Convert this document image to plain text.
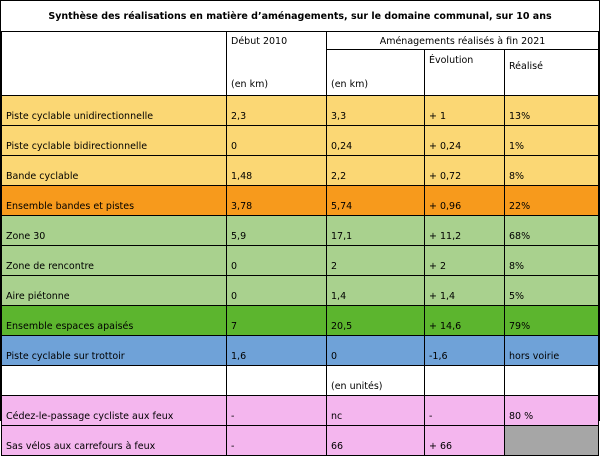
Synthèse des réalisations en matière d’aménagements, sur le domaine communal, sur 10 ans
	Début 2010	Aménagements réalisés à fin 2021		
	(en km)	(en km)	Évolution	Réalisé
Piste cyclable unidirectionnelle	2,3	3,3	+ 1	13%
Piste cyclable bidirectionnelle	0	0,24	+ 0,24	1%
Bande cyclable	1,48	2,2	+ 0,72	8%
Ensemble bandes et pistes	3,78	5,74	+ 0,96	22%
Zone 30	5,9	17,1	+ 11,2	68%
Zone de rencontre	0	2	+ 2	8%
Aire piétonne	0	1,4	+ 1,4	5%
Ensemble espaces apaisés	7	20,5	+ 14,6	79%
Piste cyclable sur trottoir	1,6	0	-1,6	hors voirie
		(en unités)		
Cédez-le-passage cycliste aux feux	-	nc	-	80 %
Sas vélos aux carrefours à feux	-	66	+ 66	
